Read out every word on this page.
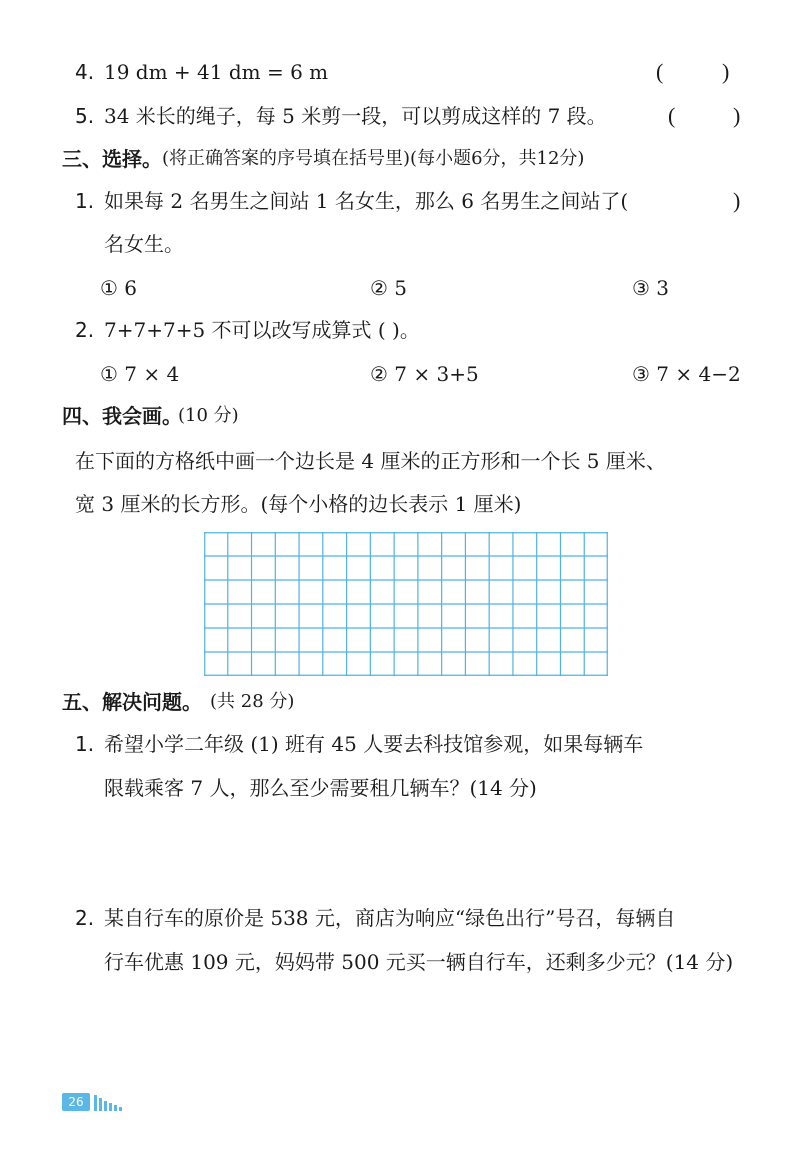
4. 19 dm + 41 dm = 6 m	(	)
5. 34 米长的绳子，每 5 米剪一段，可以剪成这样的 7 段。	(	)
三、选择。 (将正确答案的序号填在括号里)(每小题6分，共12分)
1. 如果每 2 名男生之间站 1 名女生，那么 6 名男生之间站了(	)
名女生。
① 6	② 5	③ 3
2. 7+7+7+5 不可以改写成算式 ( )。
① 7 × 4	② 7 × 3+5	③ 7 × 4−2
四、我会画。
(10 分)
在下面的方格纸中画一个边长是 4 厘米的正方形和一个长 5 厘米、
宽 3 厘米的长方形。(每个小格的边长表示 1 厘米)
五、解决问题。 (共 28 分)
1. 希望小学二年级 (1) 班有 45 人要去科技馆参观，如果每辆车
限载乘客 7 人，那么至少需要租几辆车？(14 分)
2. 某自行车的原价是 538 元，商店为响应“绿色出行”号召，每辆自
行车优惠 109 元，妈妈带 500 元买一辆自行车，还剩多少元？(14 分)
26
